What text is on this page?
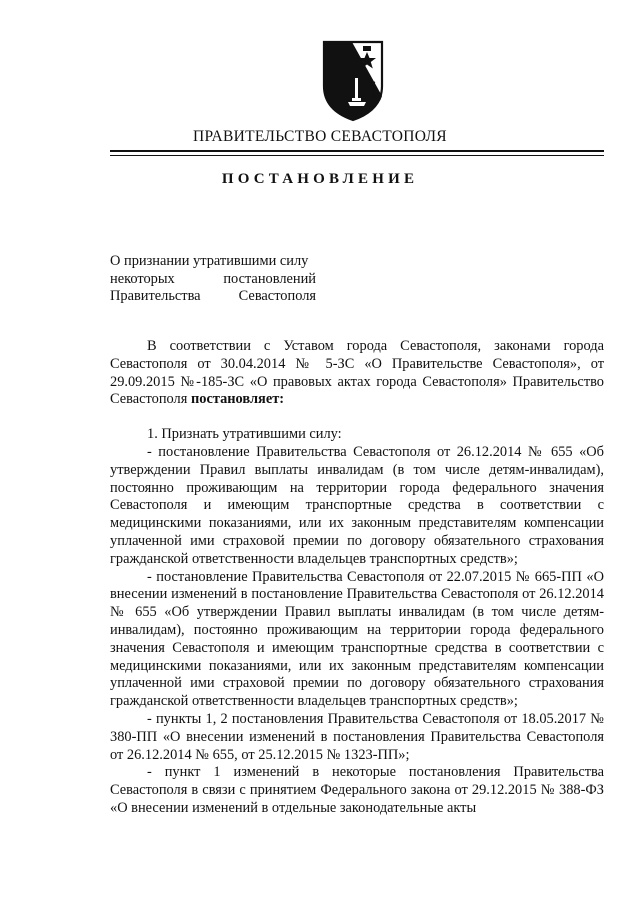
ПРАВИТЕЛЬСТВО СЕВАСТОПОЛЯ
ПОСТАНОВЛЕНИЕ
О признании утратившими силу
некоторых постановлений
Правительства Севастополя

В соответствии с Уставом города Севастополя, законами города Севастополя от 30.04.2014 № 5-ЗС «О Правительстве Севастополя», от 29.09.2015 №-185-ЗС «О правовых актах города Севастополя» Правительство Севастополя постановляет:

1. Признать утратившими силу:

- постановление Правительства Севастополя от 26.12.2014 № 655 «Об утверждении Правил выплаты инвалидам (в том числе детям-инвалидам), постоянно проживающим на территории города федерального значения Севастополя и имеющим транспортные средства в соответствии с медицинскими показаниями, или их законным представителям компенсации уплаченной ими страховой премии по договору обязательного страхования гражданской ответственности владельцев транспортных средств»;

- постановление Правительства Севастополя от 22.07.2015 № 665-ПП «О внесении изменений в постановление Правительства Севастополя от 26.12.2014 № 655 «Об утверждении Правил выплаты инвалидам (в том числе детям-инвалидам), постоянно проживающим на территории города федерального значения Севастополя и имеющим транспортные средства в соответствии с медицинскими показаниями, или их законным представителям компенсации уплаченной ими страховой премии по договору обязательного страхования гражданской ответственности владельцев транспортных средств»;

- пункты 1, 2 постановления Правительства Севастополя от 18.05.2017 № 380-ПП «О внесении изменений в постановления Правительства Севастополя от 26.12.2014 № 655, от 25.12.2015 № 1323-ПП»;

- пункт 1 изменений в некоторые постановления Правительства Севастополя в связи с принятием Федерального закона от 29.12.2015 № 388-ФЗ «О внесении изменений в отдельные законодательные акты
